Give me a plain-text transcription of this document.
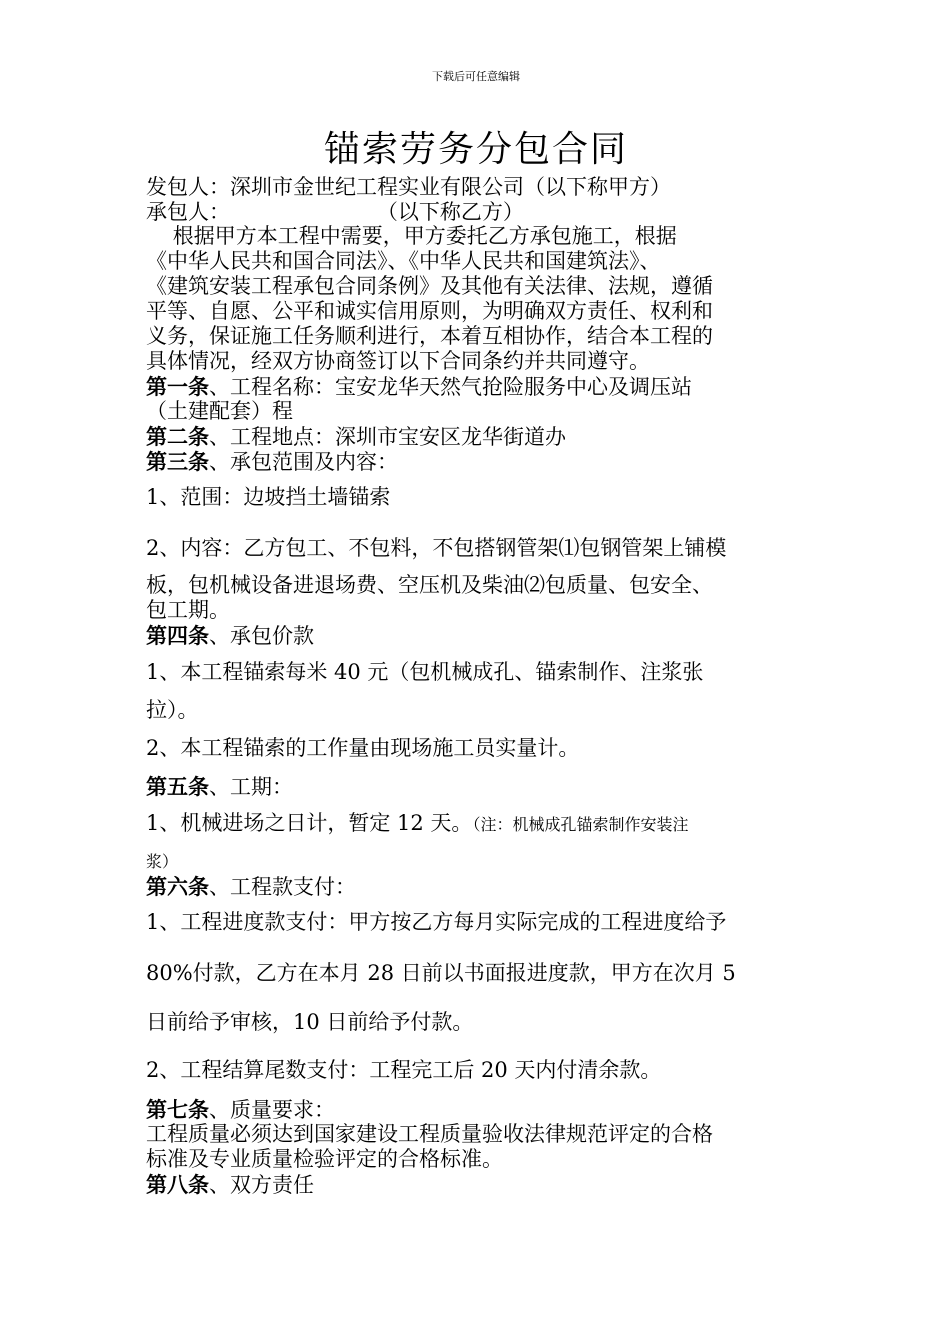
下载后可任意编辑
锚索劳务分包合同
发包人：深圳市金世纪工程实业有限公司（以下称甲方）
承包人：                      （以下称乙方）
根据甲方本工程中需要，甲方委托乙方承包施工，根据
《中华人民共和国合同法》、《中华人民共和国建筑法》、
《建筑安装工程承包合同条例》及其他有关法律、法规，遵循
平等、自愿、公平和诚实信用原则，为明确双方责任、权利和
义务，保证施工任务顺利进行，本着互相协作，结合本工程的
具体情况，经双方协商签订以下合同条约并共同遵守。
第一条、工程名称：宝安龙华天然气抢险服务中心及调压站
（土建配套）程
第二条、工程地点：深圳市宝安区龙华街道办
第三条、承包范围及内容：
1、范围：边坡挡土墙锚索
2、内容：乙方包工、不包料，不包搭钢管架⑴包钢管架上铺模
板，包机械设备进退场费、空压机及柴油⑵包质量、包安全、
包工期。
第四条、承包价款
1、本工程锚索每米 40 元（包机械成孔、锚索制作、注浆张
拉）。
2、本工程锚索的工作量由现场施工员实量计。
第五条、工期：
1、机械进场之日计，暂定 12 天。（注：机械成孔锚索制作安装注
浆）
第六条、工程款支付：
1、工程进度款支付：甲方按乙方每月实际完成的工程进度给予
80%付款，乙方在本月 28 日前以书面报进度款，甲方在次月 5
日前给予审核，10 日前给予付款。
2、工程结算尾数支付：工程完工后 20 天内付清余款。
第七条、质量要求：
工程质量必须达到国家建设工程质量验收法律规范评定的合格
标准及专业质量检验评定的合格标准。
第八条、双方责任
